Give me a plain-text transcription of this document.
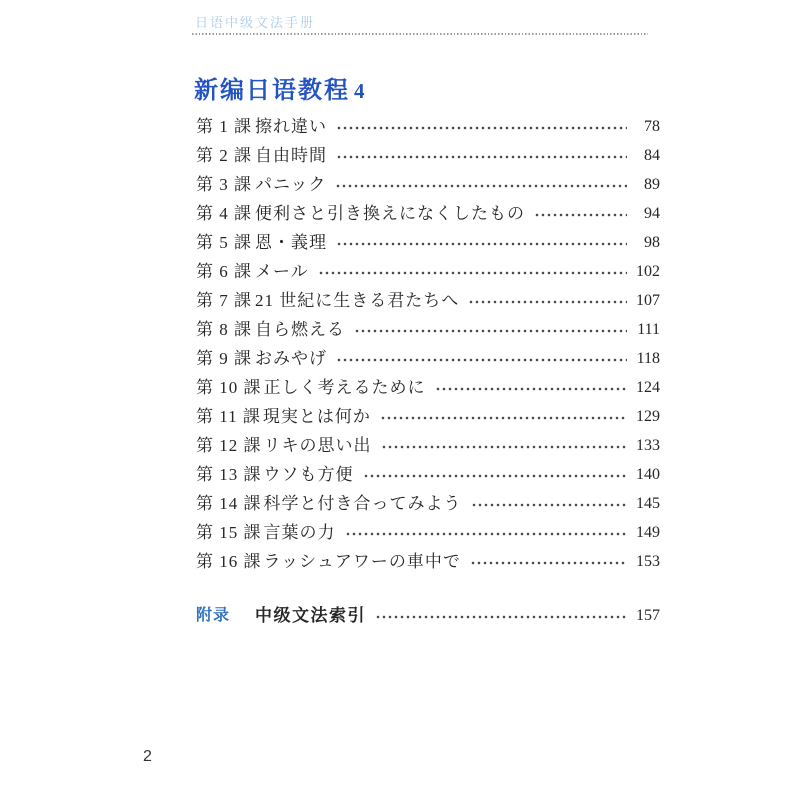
日语中级文法手册
新编日语教程 4
第 1 課 擦れ違い	78
第 2 課 自由時間	84
第 3 課 パニック	89
第 4 課 便利さと引き換えになくしたもの	94
第 5 課 恩・義理	98
第 6 課 メール	102
第 7 課 21 世紀に生きる君たちへ	107
第 8 課 自ら燃える	111
第 9 課 おみやげ	118
第 10 課 正しく考えるために	124
第 11 課 現実とは何か	129
第 12 課 リキの思い出	133
第 13 課 ウソも方便	140
第 14 課 科学と付き合ってみよう	145
第 15 課 言葉の力	149
第 16 課 ラッシュアワーの車中で	153
附录	中级文法索引	157
2
